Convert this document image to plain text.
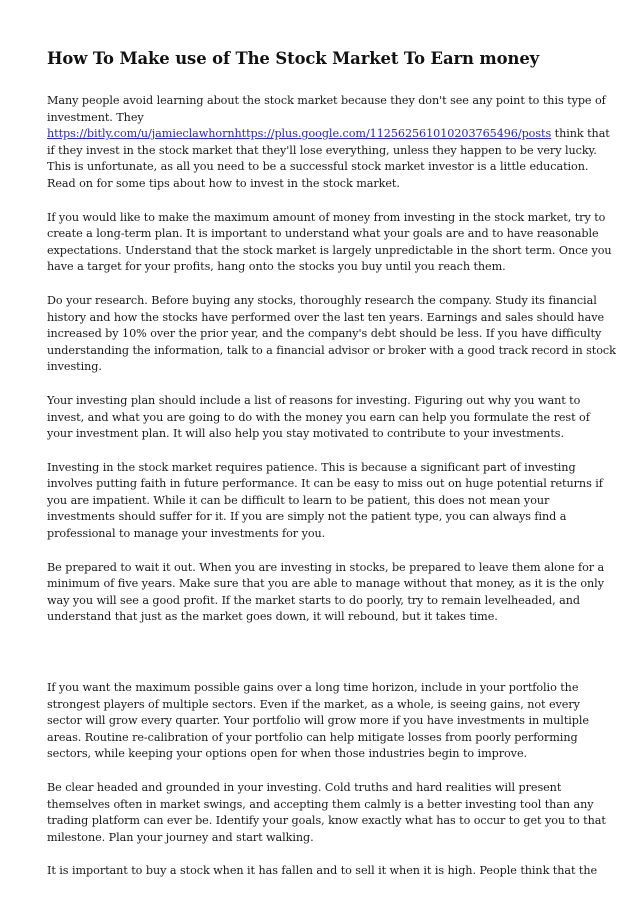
How To Make use of The Stock Market To Earn money
Many people avoid learning about the stock market because they don't see any point to this type of
investment. They
https://bitly.com/u/jamieclawhornhttps://plus.google.com/112562561010203765496/posts think that
if they invest in the stock market that they'll lose everything, unless they happen to be very lucky.
This is unfortunate, as all you need to be a successful stock market investor is a little education.
Read on for some tips about how to invest in the stock market.
If you would like to make the maximum amount of money from investing in the stock market, try to
create a long-term plan. It is important to understand what your goals are and to have reasonable
expectations. Understand that the stock market is largely unpredictable in the short term. Once you
have a target for your profits, hang onto the stocks you buy until you reach them.
Do your research. Before buying any stocks, thoroughly research the company. Study its financial
history and how the stocks have performed over the last ten years. Earnings and sales should have
increased by 10% over the prior year, and the company's debt should be less. If you have difficulty
understanding the information, talk to a financial advisor or broker with a good track record in stock
investing.
Your investing plan should include a list of reasons for investing. Figuring out why you want to
invest, and what you are going to do with the money you earn can help you formulate the rest of
your investment plan. It will also help you stay motivated to contribute to your investments.
Investing in the stock market requires patience. This is because a significant part of investing
involves putting faith in future performance. It can be easy to miss out on huge potential returns if
you are impatient. While it can be difficult to learn to be patient, this does not mean your
investments should suffer for it. If you are simply not the patient type, you can always find a
professional to manage your investments for you.
Be prepared to wait it out. When you are investing in stocks, be prepared to leave them alone for a
minimum of five years. Make sure that you are able to manage without that money, as it is the only
way you will see a good profit. If the market starts to do poorly, try to remain levelheaded, and
understand that just as the market goes down, it will rebound, but it takes time.
If you want the maximum possible gains over a long time horizon, include in your portfolio the
strongest players of multiple sectors. Even if the market, as a whole, is seeing gains, not every
sector will grow every quarter. Your portfolio will grow more if you have investments in multiple
areas. Routine re-calibration of your portfolio can help mitigate losses from poorly performing
sectors, while keeping your options open for when those industries begin to improve.
Be clear headed and grounded in your investing. Cold truths and hard realities will present
themselves often in market swings, and accepting them calmly is a better investing tool than any
trading platform can ever be. Identify your goals, know exactly what has to occur to get you to that
milestone. Plan your journey and start walking.
It is important to buy a stock when it has fallen and to sell it when it is high. People think that the
